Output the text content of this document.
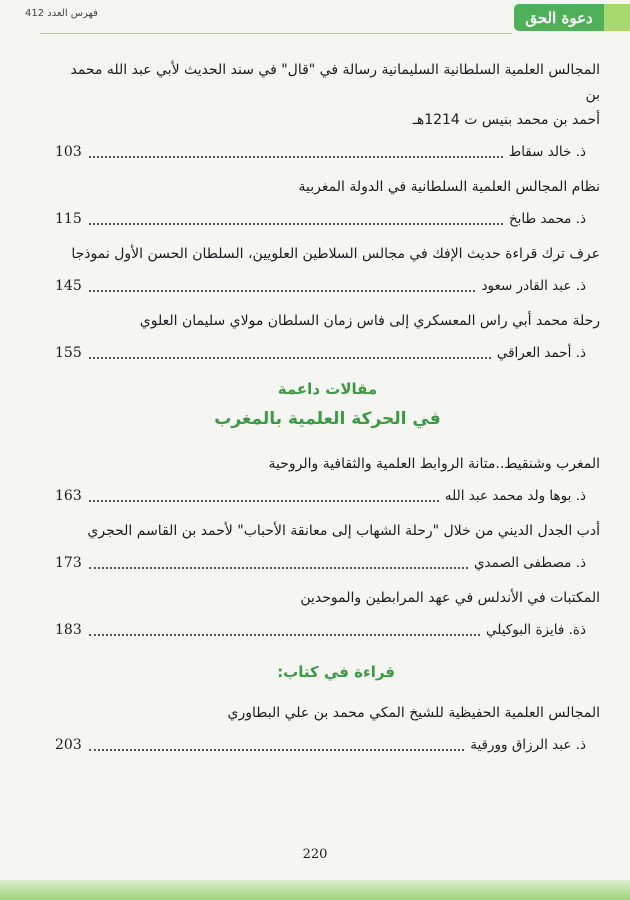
دعوة الحق
فهرس العدد 412

المجالس العلمية السلطانية السليمانية رسالة في "قال" في سند الحديث لأبي عبد الله محمد بن

أحمد بن محمد بنيس ت 1214هـ

ذ. خالد سقاط
103

نظام المجالس العلمية السلطانية في الدولة المغربية

ذ. محمد طابخ
115

عرف ترك قراءة حديث الإفك في مجالس السلاطين العلويين، السلطان الحسن الأول نموذجا

ذ. عبد القادر سعود
145

رحلة محمد أبي راس المعسكري إلى فاس زمان السلطان مولاي سليمان العلوي

ذ. أحمد العراقي
155

مقالات داعمة

في الحركة العلمية بالمغرب

المغرب وشنقيط..متانة الروابط العلمية والثقافية والروحية

ذ. بوها ولد محمد عبد الله
163

أدب الجدل الديني من خلال "رحلة الشهاب إلى معانقة الأحباب" لأحمد بن القاسم الحجري

ذ. مصطفى الصمدي
173

المكتبات في الأندلس في عهد المرابطين والموحدين

ذة. فايزة البوكيلي
183

قراءة في كتاب:

المجالس العلمية الحفيظية للشيخ المكي محمد بن علي البطاوري

ذ. عبد الرزاق وورقية
203
220
